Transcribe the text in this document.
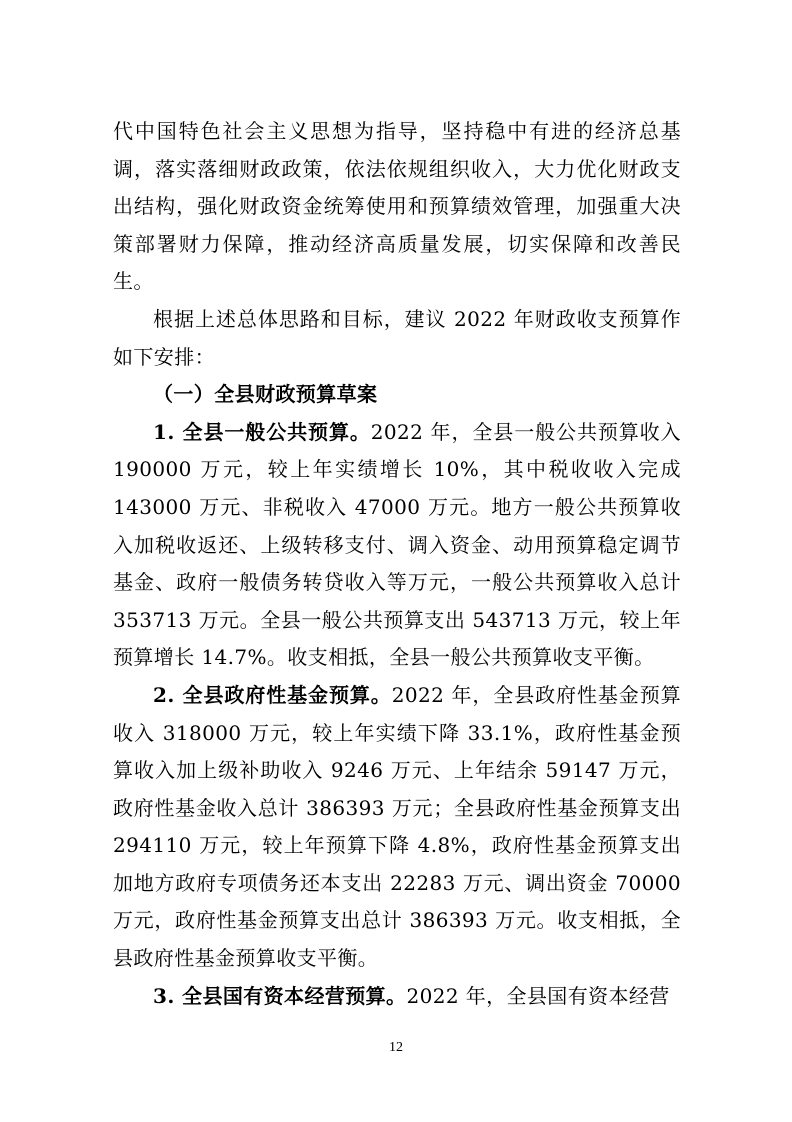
代中国特色社会主义思想为指导，坚持稳中有进的经济总基调，落实落细财政政策，依法依规组织收入，大力优化财政支出结构，强化财政资金统筹使用和预算绩效管理，加强重大决策部署财力保障，推动经济高质量发展，切实保障和改善民生。

根据上述总体思路和目标，建议 2022 年财政收支预算作如下安排：

（一）全县财政预算草案

1. 全县一般公共预算。2022 年，全县一般公共预算收入 190000 万元，较上年实绩增长 10%，其中税收收入完成 143000 万元、非税收入 47000 万元。地方一般公共预算收入加税收返还、上级转移支付、调入资金、动用预算稳定调节基金、政府一般债务转贷收入等万元，一般公共预算收入总计 353713 万元。全县一般公共预算支出 543713 万元，较上年预算增长 14.7%。收支相抵，全县一般公共预算收支平衡。

2. 全县政府性基金预算。2022 年，全县政府性基金预算收入 318000 万元，较上年实绩下降 33.1%，政府性基金预算收入加上级补助收入 9246 万元、上年结余 59147 万元，政府性基金收入总计 386393 万元；全县政府性基金预算支出 294110 万元，较上年预算下降 4.8%，政府性基金预算支出加地方政府专项债务还本支出 22283 万元、调出资金 70000 万元，政府性基金预算支出总计 386393 万元。收支相抵，全县政府性基金预算收支平衡。

3. 全县国有资本经营预算。2022 年，全县国有资本经营

12
